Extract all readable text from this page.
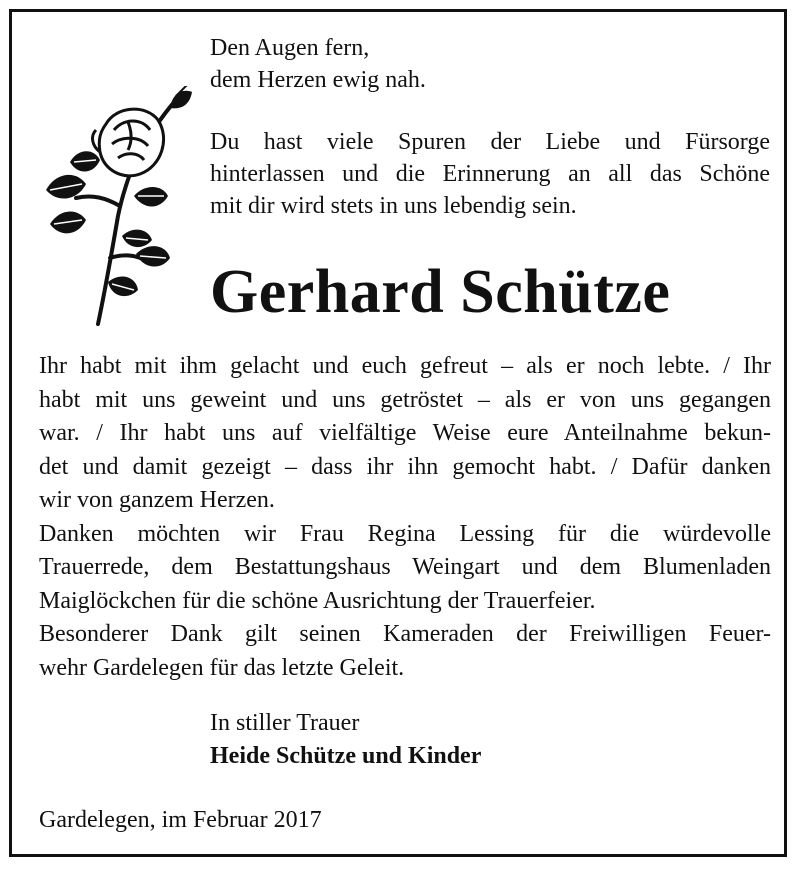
Den Augen fern,

dem Herzen ewig nah.

Du hast viele Spuren der Liebe und Fürsorge
hinterlassen und die Erinnerung an all das Schöne
mit dir wird stets in uns lebendig sein.
Gerhard Schütze
Ihr habt mit ihm gelacht und euch gefreut – als er noch lebte. / Ihr
habt mit uns geweint und uns getröstet – als er von uns gegangen
war. / Ihr habt uns auf vielfältige Weise eure Anteilnahme bekun-
det und damit gezeigt – dass ihr ihn gemocht habt. / Dafür danken
wir von ganzem Herzen.
Danken möchten wir Frau Regina Lessing für die würdevolle
Trauerrede, dem Bestattungshaus Weingart und dem Blumenladen
Maiglöckchen für die schöne Ausrichtung der Trauerfeier.
Besonderer Dank gilt seinen Kameraden der Freiwilligen Feuer-
wehr Gardelegen für das letzte Geleit.
In stiller Trauer
Heide Schütze und Kinder
Gardelegen, im Februar 2017
